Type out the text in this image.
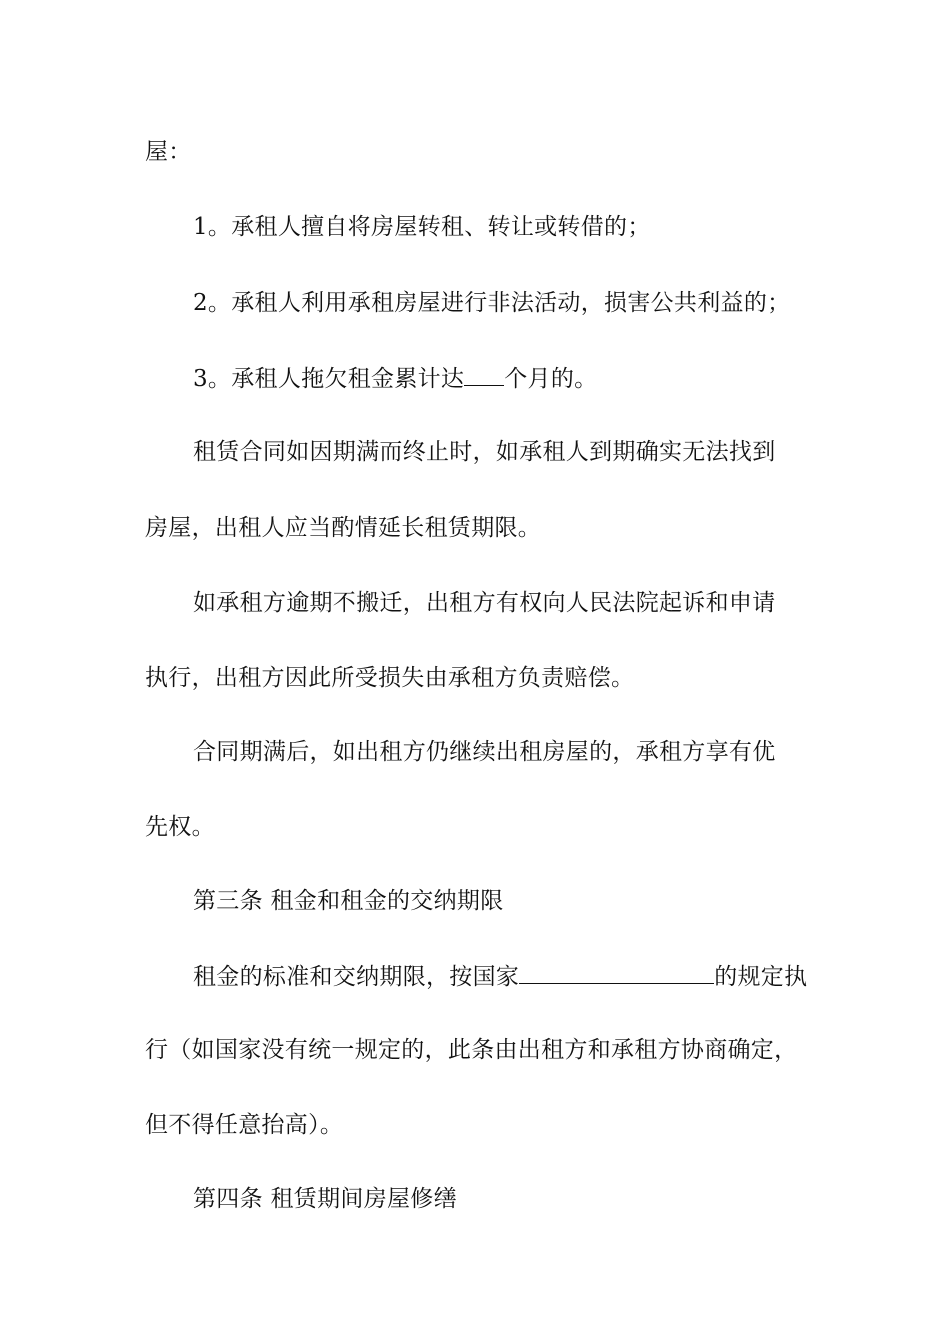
屋：
1。承租人擅自将房屋转租、转让或转借的；
2。承租人利用承租房屋进行非法活动，损害公共利益的；
3。承租人拖欠租金累计达 个月的。
租赁合同如因期满而终止时，如承租人到期确实无法找到
房屋，出租人应当酌情延长租赁期限。
如承租方逾期不搬迁，出租方有权向人民法院起诉和申请
执行，出租方因此所受损失由承租方负责赔偿。
合同期满后，如出租方仍继续出租房屋的，承租方享有优
先权。
第三条 租金和租金的交纳期限
租金的标准和交纳期限，按国家	的规定执
行（如国家没有统一规定的，此条由出租方和承租方协商确定，
但不得任意抬高）。
第四条 租赁期间房屋修缮
